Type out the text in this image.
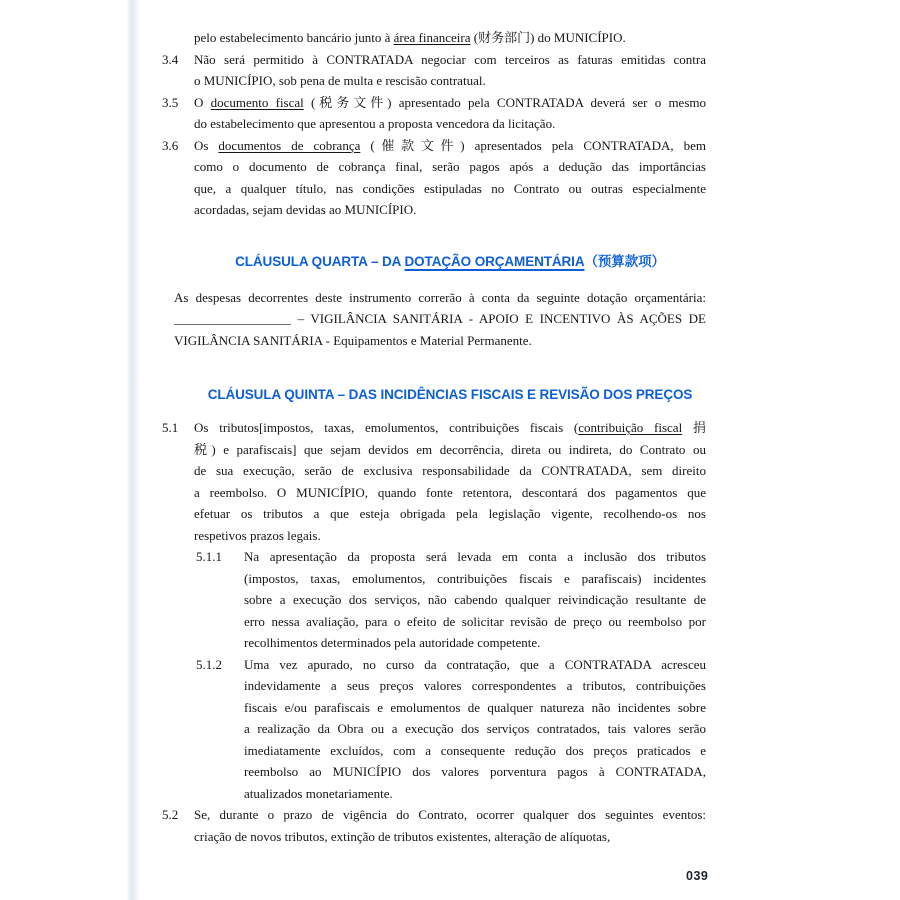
pelo estabelecimento bancário junto à área financeira (财务部门) do MUNICÍPIO.
3.4	Não será permitido à CONTRATADA negociar com terceiros as faturas emitidas contra
o MUNICÍPIO, sob pena de multa e rescisão contratual.
3.5	O documento fiscal (税务文件) apresentado pela CONTRATADA deverá ser o mesmo
do estabelecimento que apresentou a proposta vencedora da licitação.
3.6	Os documentos de cobrança (催款文件) apresentados pela CONTRATADA, bem
como o documento de cobrança final, serão pagos após a dedução das importâncias
que, a qualquer título, nas condições estipuladas no Contrato ou outras especialmente
acordadas, sejam devidas ao MUNICÍPIO.
CLÁUSULA QUARTA – DA DOTAÇÃO ORÇAMENTÁRIA（预算款项）
As despesas decorrentes deste instrumento correrão à conta da seguinte dotação orçamentária:
__________________ – VIGILÂNCIA SANITÁRIA - APOIO E INCENTIVO ÀS AÇÕES DE
VIGILÂNCIA SANITÁRIA - Equipamentos e Material Permanente.
CLÁUSULA QUINTA – DAS INCIDÊNCIAS FISCAIS E REVISÃO DOS PREÇOS
5.1	Os tributos[impostos, taxas, emolumentos, contribuições fiscais (contribuição fiscal 捐
税) e parafiscais] que sejam devidos em decorrência, direta ou indireta, do Contrato ou
de sua execução, serão de exclusiva responsabilidade da CONTRATADA, sem direito
a reembolso. O MUNICÍPIO, quando fonte retentora, descontará dos pagamentos que
efetuar os tributos a que esteja obrigada pela legislação vigente, recolhendo-os nos
respetivos prazos legais.
5.1.1	Na apresentação da proposta será levada em conta a inclusão dos tributos
(impostos, taxas, emolumentos, contribuições fiscais e parafiscais) incidentes
sobre a execução dos serviços, não cabendo qualquer reivindicação resultante de
erro nessa avaliação, para o efeito de solicitar revisão de preço ou reembolso por
recolhimentos determinados pela autoridade competente.
5.1.2	Uma vez apurado, no curso da contratação, que a CONTRATADA acresceu
indevidamente a seus preços valores correspondentes a tributos, contribuições
fiscais e/ou parafiscais e emolumentos de qualquer natureza não incidentes sobre
a realização da Obra ou a execução dos serviços contratados, tais valores serão
imediatamente excluídos, com a consequente redução dos preços praticados e
reembolso ao MUNICÍPIO dos valores porventura pagos à CONTRATADA,
atualizados monetariamente.
5.2	Se, durante o prazo de vigência do Contrato, ocorrer qualquer dos seguintes eventos:
criação de novos tributos, extinção de tributos existentes, alteração de alíquotas,
039
